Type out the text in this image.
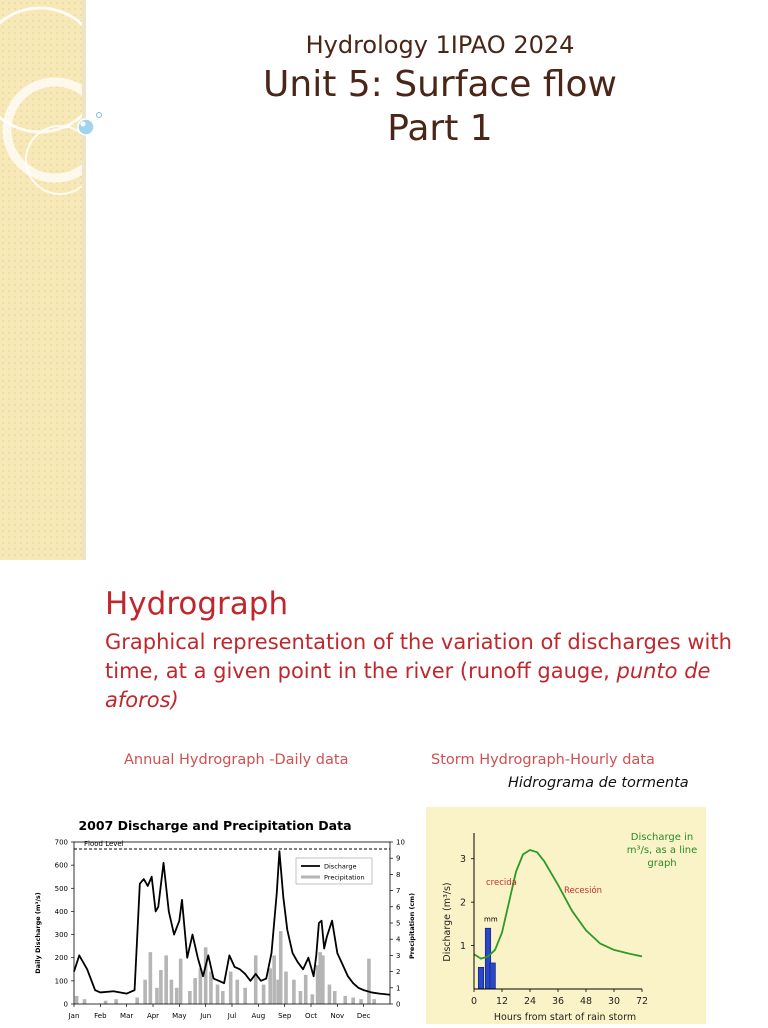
Hydrology 1IPAO 2024
Unit 5: Surface flow
Part 1
Hydrograph
Graphical representation of the variation of discharges with time, at a given point in the river (runoff gauge, punto de aforos)
Annual Hydrograph -Daily data	Storm Hydrograph-Hourly data
Hidrograma de tormenta
2007 Discharge and Precipitation Data
Daily Discharge (m³/s)	Precipitation (cm)
Flood Level
0
100
200
300
400
500
600
700
0
1
2
3
4
5
6
7
8
9
10
Jan Feb Mar Apr May Jun Jul Aug Sep Oct Nov Dec
Discharge
Precipitation
mm
1
2
3
0 12 24 36 48 30 72
Discharge in
m³/s, as a line
graph
crecida
Recesión
Discharge (m³/s)
Hours from start of rain storm
